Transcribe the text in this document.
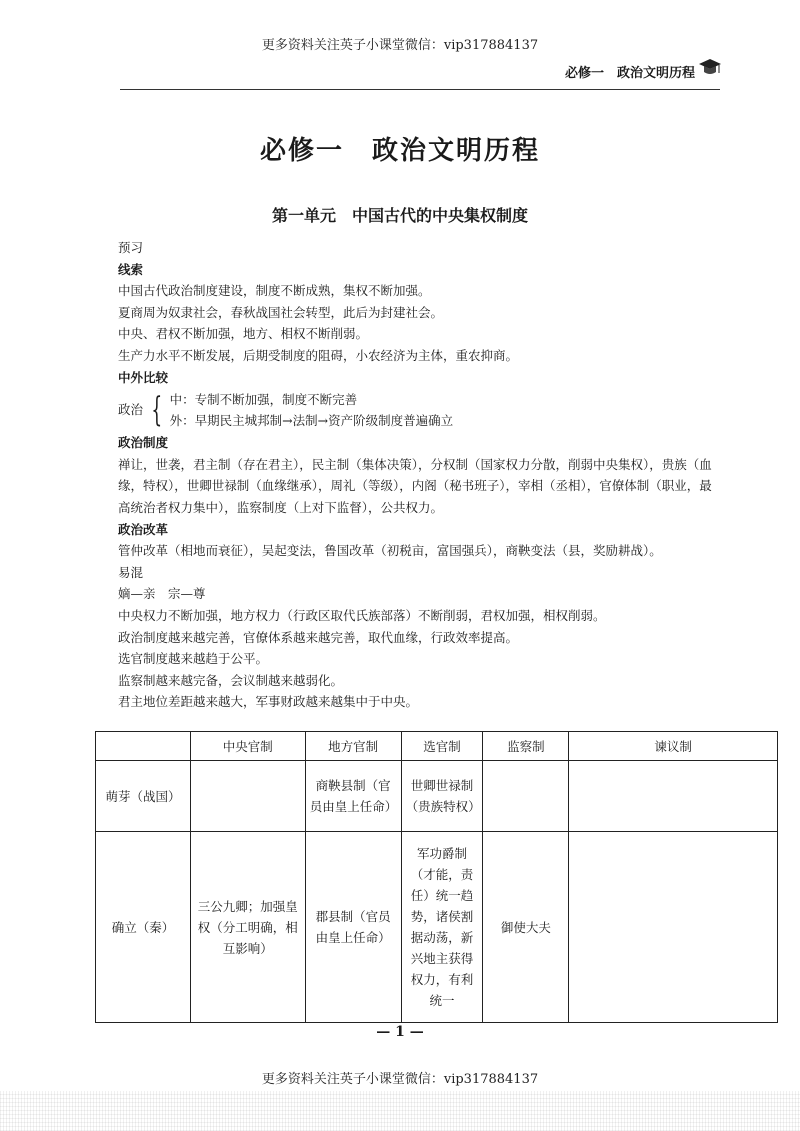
更多资料关注英子小课堂微信：vip317884137
必修一　政治文明历程
必修一　政治文明历程
第一单元　中国古代的中央集权制度

预习

线索

中国古代政治制度建设，制度不断成熟，集权不断加强。

夏商周为奴隶社会，春秋战国社会转型，此后为封建社会。

中央、君权不断加强，地方、相权不断削弱。

生产力水平不断发展，后期受制度的阻碍，小农经济为主体，重农抑商。

中外比较

政治 { 中：专制不断加强，制度不断完善

外：早期民主城邦制→法制→资产阶级制度普遍确立

政治制度

禅让，世袭，君主制（存在君主），民主制（集体决策），分权制（国家权力分散，削弱中央集权），贵族（血缘，特权），世卿世禄制（血缘继承），周礼（等级），内阁（秘书班子），宰相（丞相），官僚体制（职业，最高统治者权力集中），监察制度（上对下监督），公共权力。

政治改革

管仲改革（相地而衰征），吴起变法，鲁国改革（初税亩，富国强兵），商鞅变法（县，奖励耕战）。

易混

嫡—亲　宗—尊

中央权力不断加强，地方权力（行政区取代氏族部落）不断削弱，君权加强，相权削弱。

政治制度越来越完善，官僚体系越来越完善，取代血缘，行政效率提高。

选官制度越来越趋于公平。

监察制越来越完备，会议制越来越弱化。

君主地位差距越来越大，军事财政越来越集中于中央。

	中央官制	地方官制	选官制	监察制	谏议制
萌芽（战国）		商鞅县制（官员由皇上任命）	世卿世禄制（贵族特权）		
确立（秦）	三公九卿；加强皇权（分工明确，相互影响）	郡县制（官员由皇上任命）	军功爵制（才能，责任）统一趋势，诸侯割据动荡，新兴地主获得权力，有利统一	御使大夫	
— 1 —
更多资料关注英子小课堂微信：vip317884137
